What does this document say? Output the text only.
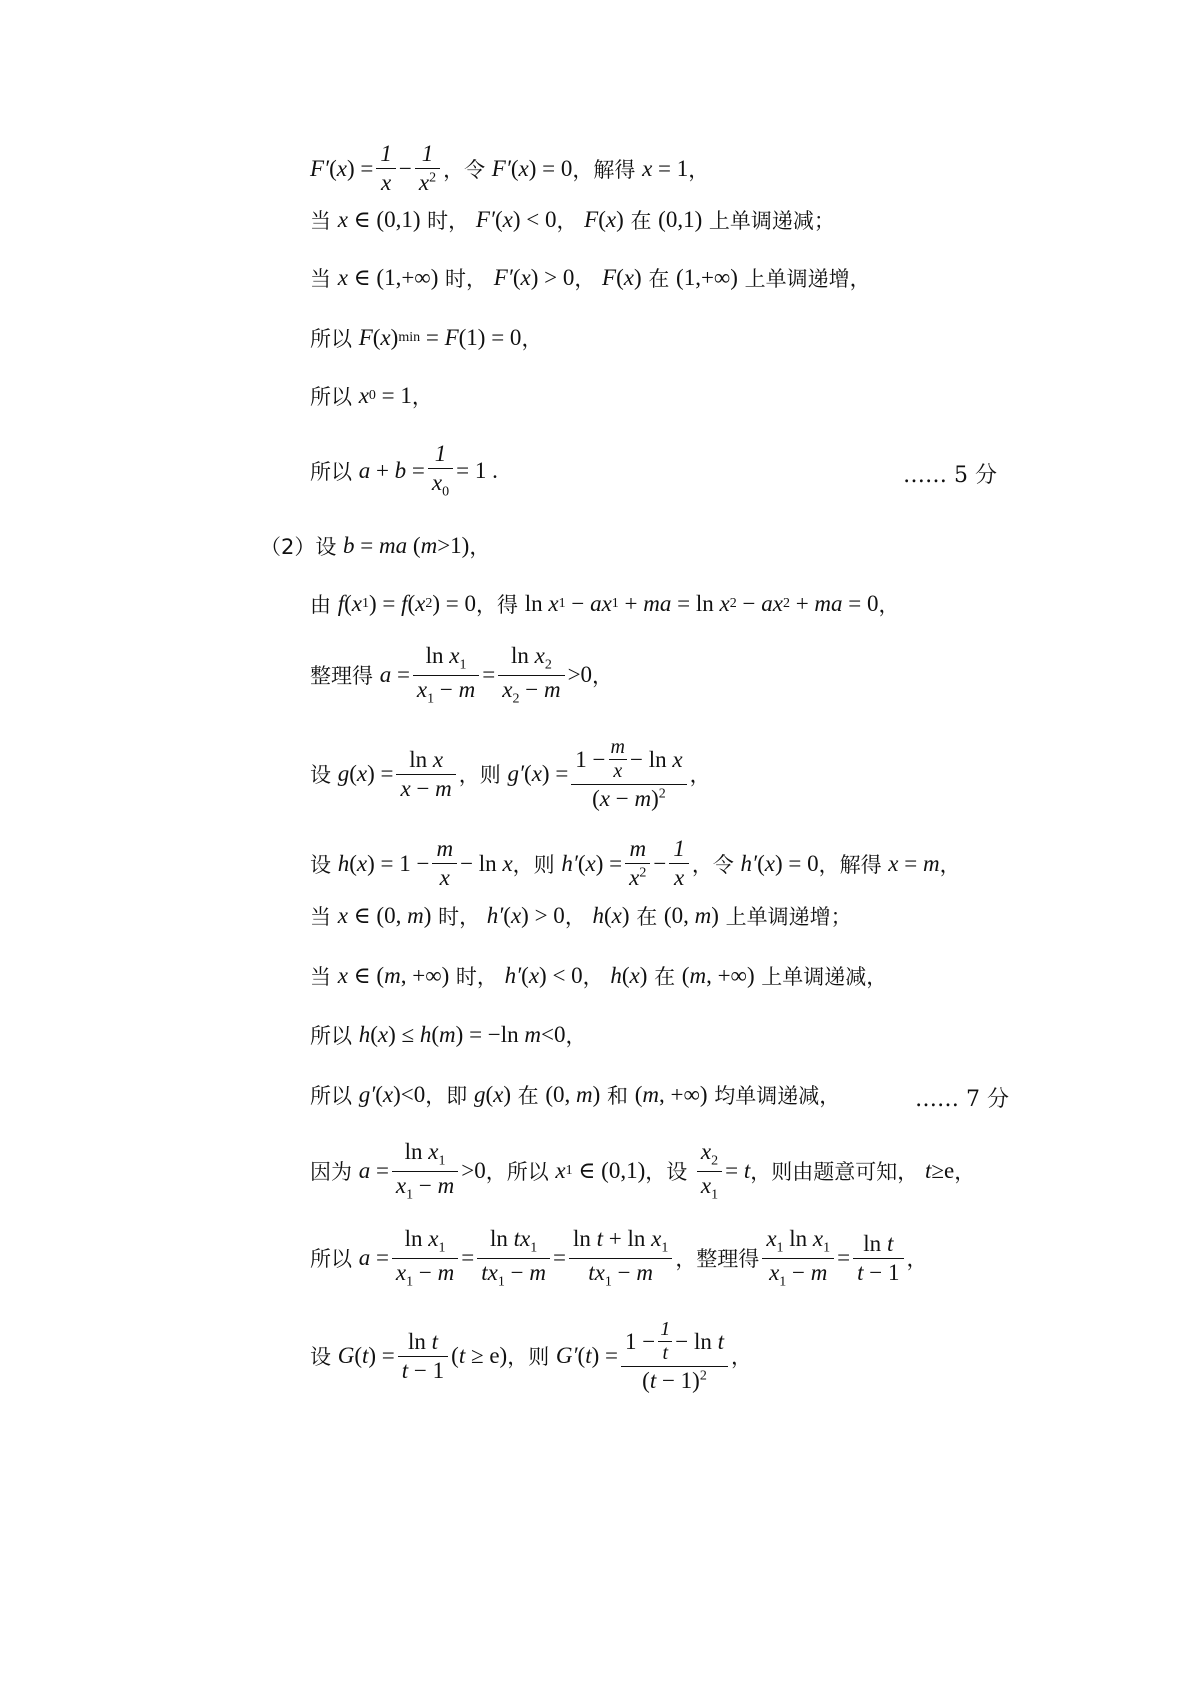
F′ ( x ) = $\frac{1}{x} - \frac{1}{x^2}$ ，令 F′ ( x ) = 0 ，解得 x = 1 ，
当 x ∈ (0,1) 时， F′ ( x ) < 0 ， F ( x ) 在 (0,1) 上单调递减；
当 x ∈ (1,+∞) 时， F′ ( x ) > 0 ， F ( x ) 在 (1,+∞) 上单调递增，
所以 F ( x ) min = F (1) = 0 ，
所以 x 0 = 1 ，
所以 $a + b = \frac{1}{x_0} = 1$ .	…… 5 分
（2）设 b = ma ( m >1) ，
由 f ( x 1 ) = f ( x 2 ) = 0 ，得 ln x 1 − ax 1 + ma = ln x 2 − ax 2 + ma = 0 ，
整理得 $a = \frac{\ln x_1}{x_1 - m} = \frac{\ln x_2}{x_2 - m} >0$ ，
设 g ( x ) = $\frac{\text{ln x}}{x - m}$ ，则 g′ ( x ) = $\frac{1 - \frac{m}{x} - \ln x}{(x - m)^2}$ ，
设 h ( x ) = $1 - \frac{m}{x} - \ln x$ ，则 h′ ( x ) = $\frac{m}{x^2} - \frac{1}{x}$ ，令 h′ ( x ) = 0 ，解得 x = m ，
当 x ∈ (0, m ) 时， h′ ( x ) > 0 ， h ( x ) 在 (0, m ) 上单调递增；
当 x ∈ ( m , +∞) 时， h′ ( x ) < 0 ， h ( x ) 在 ( m , +∞) 上单调递减，
所以 h ( x ) ≤ h ( m ) = −ln m <0 ，
所以 g′ ( x )<0 ，即 g ( x ) 在 (0, m ) 和 ( m , +∞) 均单调递减，	…… 7 分
因为 $a = \frac{\ln x_1}{x_1 - m} >0$ ，所以 x 1 ∈ (0,1) ，设 $\frac{x_2}{x_1} = t$ ，则由题意可知， t ≥e ，
所以 $a = \frac{\ln x_1}{x_1 - m} = \frac{\ln tx_1}{tx_1 - m} = \frac{\ln t + \ln x_1}{tx_1 - m}$ ，整理得 $\frac{x_1 \ln x_1}{x_1 - m} = \frac{\text{ln t}}{t - 1}$ ，
设 G ( t ) = $\frac{\text{ln t}}{t - 1}$ ( t ≥ e) ，则 G′ ( t ) = $\frac{1 - \frac{1}{t} - \ln t}{(t - 1)^2}$ ，
